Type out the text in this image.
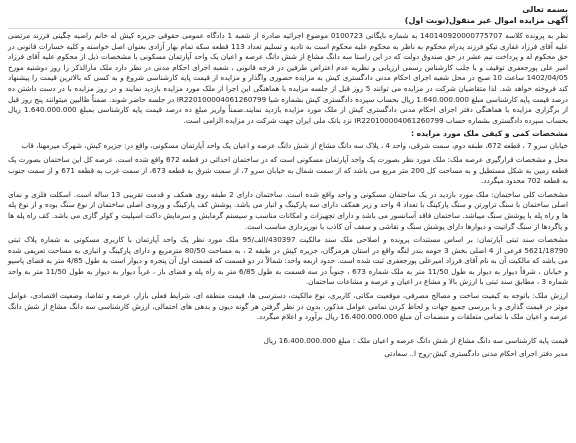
بسمه تعالی
آگهی مزایده اموال غیر منقول(نوبت اول)

نظر به پرونده کلاسه 140140920000775707 به شماره بایگانی 0100723 موضوع اجرائیه صادره از شعبه 1 دادگاه عمومی حقوقی جزیره کیش له خانم راضیه چگینی فرزند مرتضی علیه آقای فرزاد غفاری نیکو فرزند پدرام محکوم به ناظر به محکوم علیه محکوم است به تادیه و تسلیم تعداد 113 قطعه سکه تمام بهار آزادی بعنوان اصل خواسته و کلیه خسارات قانونی در حق محکوم له و پرداخت نیم عشر در حق صندوق دولت که در این راستا سه دانگ مشاع از شش دانگ عرصه و اعیان یک واحد آپارتمان مسکونی با مشخصات ذیل از محکوم علیه آقای فرزاد امیر علی پورجعفری توقیف و با جلب کارشناس رسمی ارزیابی و نظریه عدم اعتراض طرفین در فرجه قانونی ، شعبه اجرای احکام مدنی در نظر دارد ملک مارالذکر را روز دوشنبه مورخ 1402/04/05 ساعت 10 صبح در محل شعبه اجرای احکام مدنی دادگستری کیش به مزایده حضوری واگذار و مزایده از قیمت پایه کارشناسی شروع و به کسی که بالاترین قیمت را پیشنهاد کند فروخته خواهد شد. لذا متقاضیان شرکت در مزایده می توانند 5 روز قبل از جلسه مزایده با هماهنگی این اجرا از ملک مورد مزایده بازدید نمایند و در روز مزایده با در دست داشتن ده درصد قیمت پایه کارشناسی مبلغ 1.640.000.000 ریال بحساب سپرده دادگستری کیش بشماره شبا IR220100004061260799 در جلسه حاضر شوند. ضمناً طالبین میتوانند پنج روز قبل از برگزاری مزایده با هماهنگی دفتر اجرای احکام مدنی دادگستری کیش از ملک مورد مزایده بازدید نمایند.ضمناً واریز مبلغ ده درصد قیمت پایه کارشناسی بمبلغ 1.640.000.000 ریال بحساب سپرده دادگستری بشماره حساب IR220100004061260799 نزد بانک ملی ایران جهت شرکت در مزایده الزامی است.

مشخصات کمی و کیفی ملک مورد مزایده :

خیابان سرو 7 ، قطعه 672، طبقه دوم، سمت شرقی، واحد 4 ، پلاک سه دانگ مشاع از شش دانگ عرصه و اعیان یک واحد آپارتمان مسکونی، واقع در: جزیره کیش، شهرک میرمهنا، قاب

محل و مشخصات قرارگیری عرصه ملک: ملک مورد نظر بصورت یک واحد آپارتمان مسکونی است که در ساختمان احداثی در قطعه 672 واقع شده است. عرصه کل این ساختمان بصورت یک قطعه زمین به شکل مستطیل و به مساحت کل 200 متر مربع می باشد که از سمت شمال به خیابان سرو 7، از سمت شرق به قطعه 673، از سمت غرب به قطعه 671 و از سمت جنوب به قطعه 702 محدود میگردد.

مشخصات کلی ساختمان: ملک مورد بازدید در یک ساختمان مسکونی و واحد واقع شده است. ساختمان دارای 2 طبقه روی همکف و قدمت تقریبی 13 ساله است. اسکلت فلزی و نمای اصلی ساختمان با سنگ تراورتن و سنگ پارکینگ با تعداد 4 واحد و زیر همکف دارای سه پارکینگ و انبار می باشد. پوشش کف پارکینگ و ورودی اصلی ساختمان از نوع سنگ بوده و از نوع پله ها و راه پله با پوشش سنگ میباشد. ساختمان فاقد آسانسور می باشد و دارای تجهیزات و امکانات مناسب و سیستم گرمایش و سرمایش داکت اسپلیت و کولر گازی می باشد. کف راه پله ها و پاگردها از سنگ گرانیت و دیوارها دارای پوشش سنگ و نقاشی و سقف آن کاذب با نورپردازی مناسب است.

مشخصات سند ثبتی آپارتمان: بر اساس مستندات پرونده و اصلاحی ملک سند مالکیت 430397/الف/95 ملک مورد نظر یک واحد آپارتمان با کاربری مسکونی به شماره پلاک ثبتی 5621/18790 فرعی از 4 اصلی بخش 3 حومه بندر لنگه واقع در استان هرمزگان، جزیره کیش در طبقه 2 ، به مساحت 80/50 مترمربع و دارای پارکینگ و انباری به مساحت تعریفی شده می باشد که مالکیت آن به نام آقای فرزاد امیرعلی پورجعفری ثبت شده است. حدود اربعه واحد: شمالاً در دو قسمت که قسمت اول آن پنجره و دیوار است به طول 4/85 متر به فضای پاسیو و خیابان ، شرقاً دیوار به دیوار به طول 11/50 متر به ملک شماره 673 ، جنوباً در سه قسمت به طول 6/85 متر به راه پله و فضای باز ، غرباً دیوار به دیوار به طول 11/50 متر به واحد شماره 3 ، مطابق سند ثبتی با ارزش بالا و مشاع در اعیان و عرصه و مشاعات ساختمان.

ارزش ملک: باتوجه به کیفیت ساخت و مصالح مصرفی، موقعیت مکانی، کاربری، نوع مالکیت، دسترسی ها، قیمت منطقه ای، شرایط فعلی بازار، عرضه و تقاضا، وضعیت اقتصادی، عوامل موثر در قیمت گذاری و با بررسی جمیع جهات و لحاظ کردن تمامی عوامل مذکور، بدون در نظر گرفتن هر گونه دیون و بدهی های احتمالی، ارزش کارشناسی سه دانگ مشاع از شش دانگ عرصه و اعیان ملک با تمامی متعلقات و منضمات آن مبلغ 16.400.000.000 ریال برآورد و اعلام میگردد.

قیمت پایه کارشناسی سه دانگ مشاع از شش دانگ عرصه و اعیان ملک : مبلغ 16.400.000.000 ریال

مدیر دفتر اجرای احکام مدنی دادگستری کیش-روح ا.. سعادتی
